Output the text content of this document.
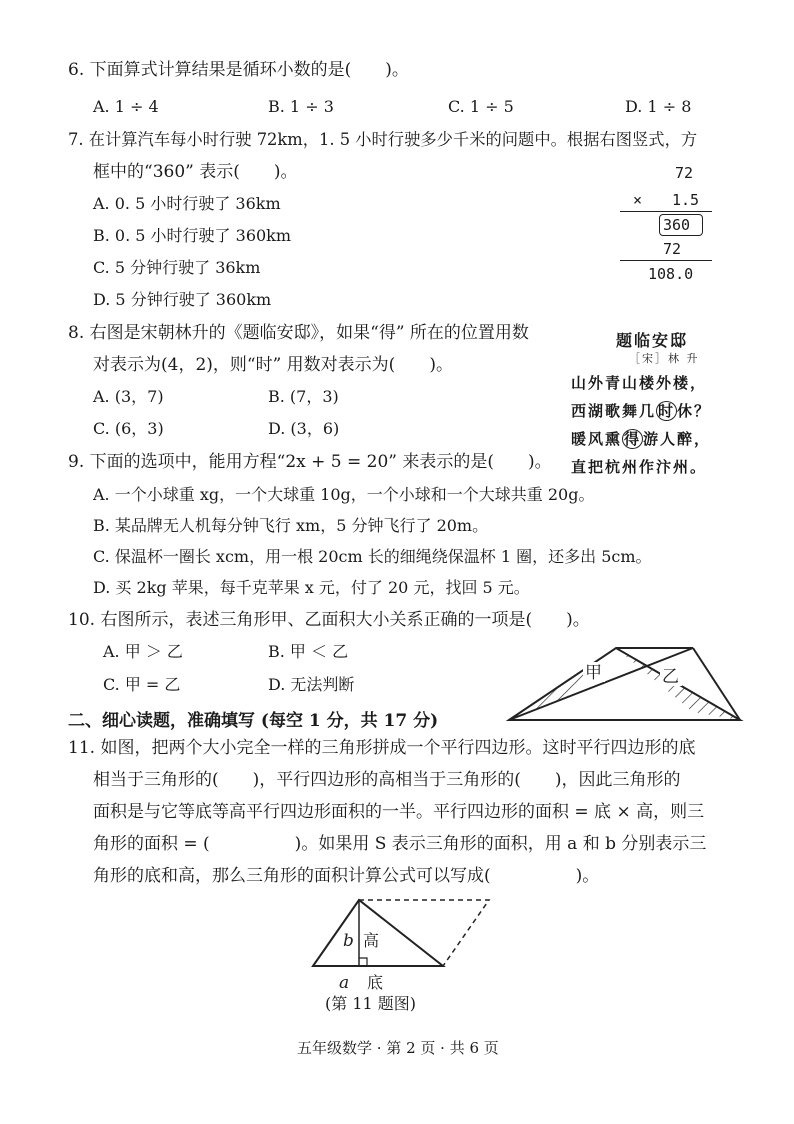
6. 下面算式计算结果是循环小数的是(　　)。
A. 1 ÷ 4	B. 1 ÷ 3	C. 1 ÷ 5	D. 1 ÷ 8
7. 在计算汽车每小时行驶 72km，1. 5 小时行驶多少千米的问题中。根据右图竖式，方
框中的“360” 表示(　　)。
A. 0. 5 小时行驶了 36km
B. 0. 5 小时行驶了 360km
C. 5 分钟行驶了 36km
D. 5 分钟行驶了 360km
72
× 1.5
360
72
108.0
8. 右图是宋朝林升的《题临安邸》，如果“得” 所在的位置用数
对表示为(4，2)，则“时” 用数对表示为(　　)。
A. (3，7)	B. (7，3)
C. (6，3)	D. (3，6)
题临安邸
［宋］林 升
山外青山楼外楼，
西湖歌舞几 时 休？
暖风熏 得 游人醉，
直把杭州作汴州。
9. 下面的选项中，能用方程“2x + 5 = 20” 来表示的是(　　)。
A. 一个小球重 xg，一个大球重 10g，一个小球和一个大球共重 20g。
B. 某品牌无人机每分钟飞行 xm，5 分钟飞行了 20m。
C. 保温杯一圈长 xcm，用一根 20cm 长的细绳绕保温杯 1 圈，还多出 5cm。
D. 买 2kg 苹果，每千克苹果 x 元，付了 20 元，找回 5 元。
10. 右图所示，表述三角形甲、乙面积大小关系正确的一项是(　　)。
A. 甲 ＞ 乙	B. 甲 ＜ 乙
C. 甲 = 乙	D. 无法判断
甲	乙
二、细心读题，准确填写 (每空 1 分，共 17 分)
11. 如图，把两个大小完全一样的三角形拼成一个平行四边形。这时平行四边形的底
相当于三角形的(　　)，平行四边形的高相当于三角形的(　　)，因此三角形的
面积是与它等底等高平行四边形面积的一半。平行四边形的面积 = 底 × 高，则三
角形的面积 = (　　　　　)。如果用 S 表示三角形的面积，用 a 和 b 分别表示三
角形的底和高，那么三角形的面积计算公式可以写成(　　　　　)。
b 高
a 底
(第 11 题图)
五年级数学 · 第 2 页 · 共 6 页
